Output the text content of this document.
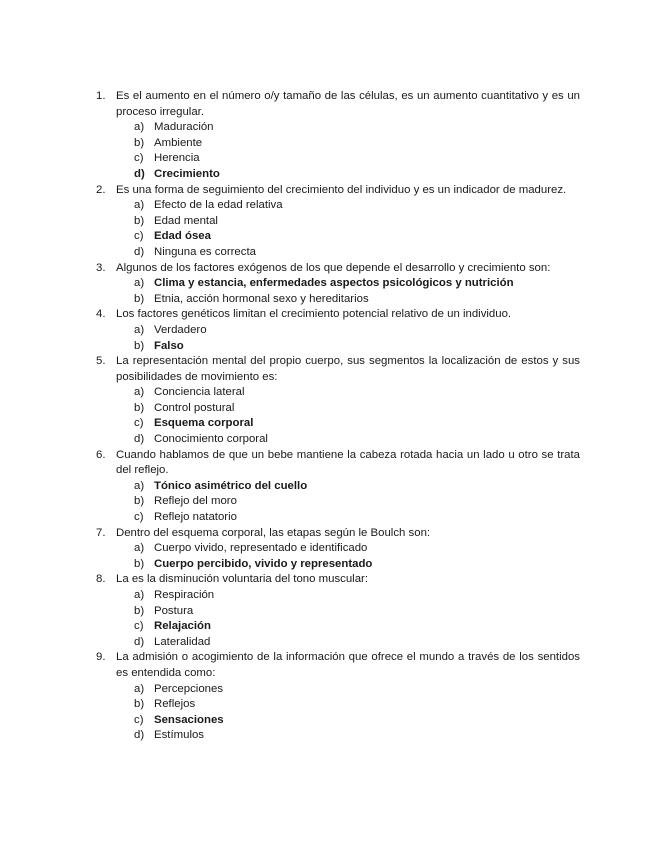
1. Es el aumento en el número o/y tamaño de las células, es un aumento cuantitativo y es un proceso irregular.
a) Maduración
b) Ambiente
c) Herencia
d) Crecimiento
2. Es una forma de seguimiento del crecimiento del individuo y es un indicador de madurez.
a) Efecto de la edad relativa
b) Edad mental
c) Edad ósea
d) Ninguna es correcta
3. Algunos de los factores exógenos de los que depende el desarrollo y crecimiento son:
a) Clima y estancia, enfermedades aspectos psicológicos y nutrición
b) Etnia, acción hormonal sexo y hereditarios
4. Los factores genéticos limitan el crecimiento potencial relativo de un individuo.
a) Verdadero
b) Falso
5. La representación mental del propio cuerpo, sus segmentos la localización de estos y sus posibilidades de movimiento es:
a) Conciencia lateral
b) Control postural
c) Esquema corporal
d) Conocimiento corporal
6. Cuando hablamos de que un bebe mantiene la cabeza rotada hacia un lado u otro se trata del reflejo.
a) Tónico asimétrico del cuello
b) Reflejo del moro
c) Reflejo natatorio
7. Dentro del esquema corporal, las etapas según le Boulch son:
a) Cuerpo vivido, representado e identificado
b) Cuerpo percibido, vivido y representado
8. La es la disminución voluntaria del tono muscular:
a) Respiración
b) Postura
c) Relajación
d) Lateralidad
9. La admisión o acogimiento de la información que ofrece el mundo a través de los sentidos es entendida como:
a) Percepciones
b) Reflejos
c) Sensaciones
d) Estímulos
